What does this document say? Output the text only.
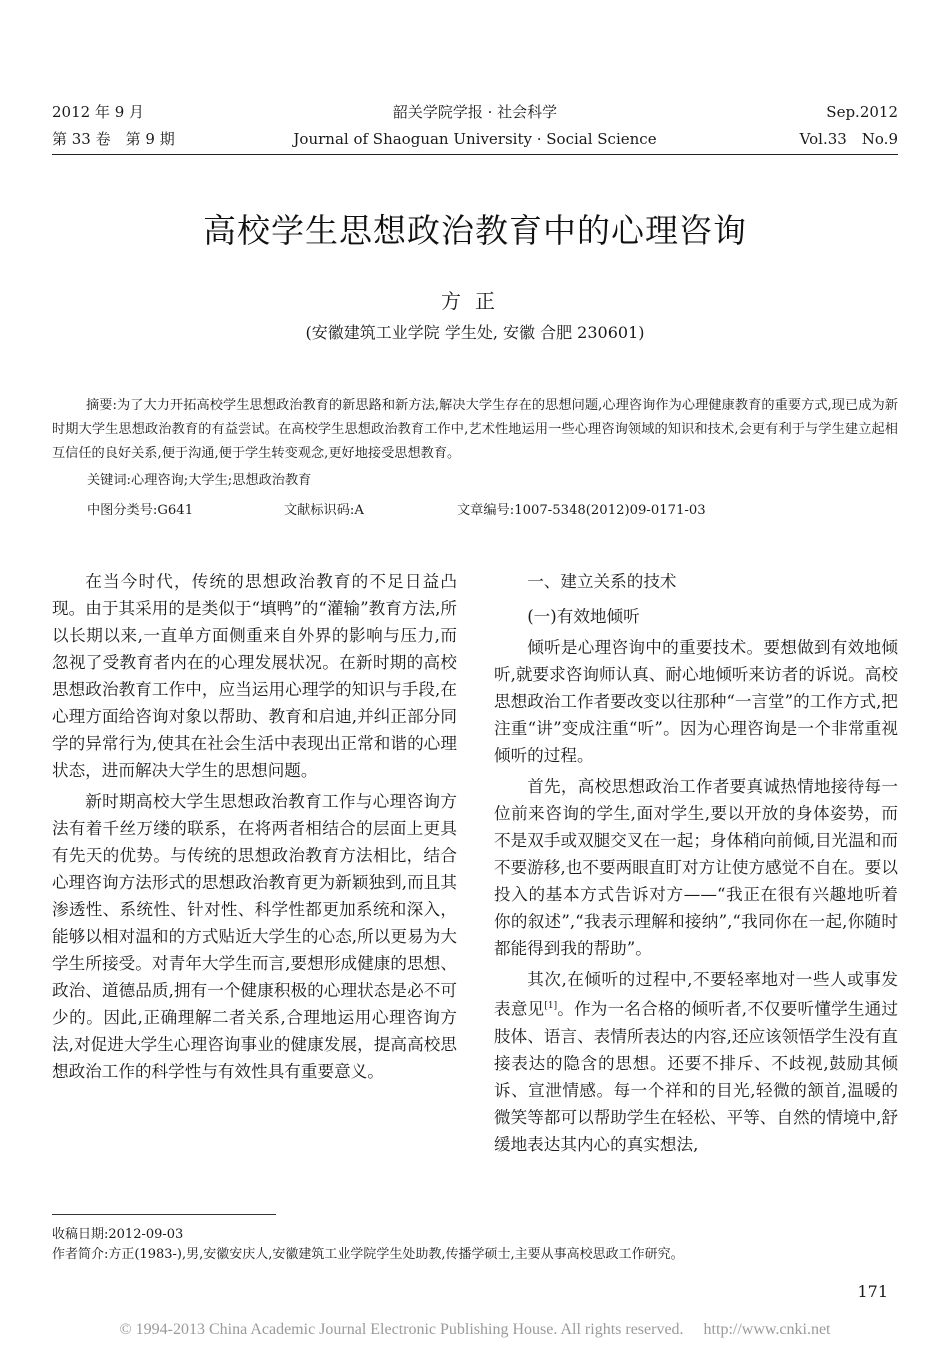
2012 年 9 月
第 33 卷　第 9 期
韶关学院学报 · 社会科学
Journal of Shaoguan University · Social Science
Sep.2012
Vol.33　No.9
高校学生思想政治教育中的心理咨询
方正
(安徽建筑工业学院 学生处, 安徽 合肥 230601)
摘要:为了大力开拓高校学生思想政治教育的新思路和新方法,解决大学生存在的思想问题,心理咨询作为心理健康教育的重要方式,现已成为新时期大学生思想政治教育的有益尝试。在高校学生思想政治教育工作中,艺术性地运用一些心理咨询领域的知识和技术,会更有利于与学生建立起相互信任的良好关系,便于沟通,便于学生转变观念,更好地接受思想教育。
关键词:心理咨询;大学生;思想政治教育
中图分类号:G641	文献标识码:A	文章编号:1007-5348(2012)09-0171-03

在当今时代，传统的思想政治教育的不足日益凸现。由于其采用的是类似于“填鸭”的“灌输”教育方法,所以长期以来,一直单方面侧重来自外界的影响与压力,而忽视了受教育者内在的心理发展状况。在新时期的高校思想政治教育工作中，应当运用心理学的知识与手段,在心理方面给咨询对象以帮助、教育和启迪,并纠正部分同学的异常行为,使其在社会生活中表现出正常和谐的心理状态，进而解决大学生的思想问题。

新时期高校大学生思想政治教育工作与心理咨询方法有着千丝万缕的联系，在将两者相结合的层面上更具有先天的优势。与传统的思想政治教育方法相比，结合心理咨询方法形式的思想政治教育更为新颖独到,而且其渗透性、系统性、针对性、科学性都更加系统和深入，能够以相对温和的方式贴近大学生的心态,所以更易为大学生所接受。对青年大学生而言,要想形成健康的思想、政治、道德品质,拥有一个健康积极的心理状态是必不可少的。因此,正确理解二者关系,合理地运用心理咨询方法,对促进大学生心理咨询事业的健康发展，提高高校思想政治工作的科学性与有效性具有重要意义。

一、建立关系的技术

(一)有效地倾听

倾听是心理咨询中的重要技术。要想做到有效地倾听,就要求咨询师认真、耐心地倾听来访者的诉说。高校思想政治工作者要改变以往那种“一言堂”的工作方式,把注重“讲”变成注重“听”。因为心理咨询是一个非常重视倾听的过程。

首先，高校思想政治工作者要真诚热情地接待每一位前来咨询的学生,面对学生,要以开放的身体姿势，而不是双手或双腿交叉在一起；身体稍向前倾,目光温和而不要游移,也不要两眼直盯对方让使方感觉不自在。要以投入的基本方式告诉对方——“我正在很有兴趣地听着你的叙述”,“我表示理解和接纳”,“我同你在一起,你随时都能得到我的帮助”。

其次,在倾听的过程中,不要轻率地对一些人或事发表意见[1]。作为一名合格的倾听者,不仅要听懂学生通过肢体、语言、表情所表达的内容,还应该领悟学生没有直接表达的隐含的思想。还要不排斥、不歧视,鼓励其倾诉、宣泄情感。每一个祥和的目光,轻微的颔首,温暖的微笑等都可以帮助学生在轻松、平等、自然的情境中,舒缓地表达其内心的真实想法,

收稿日期:2012-09-03
作者简介:方正(1983-),男,安徽安庆人,安徽建筑工业学院学生处助教,传播学硕士,主要从事高校思政工作研究。
171
© 1994-2013 China Academic Journal Electronic Publishing House. All rights reserved.　 http://www.cnki.net
